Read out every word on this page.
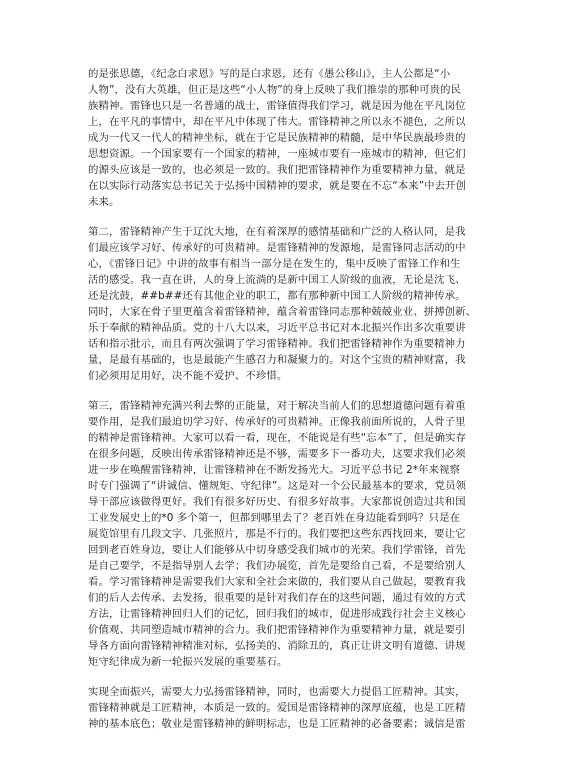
的是张思德，《纪念白求恩》写的是白求恩，还有《愚公移山》，主人公都是“小
人物”，没有大英雄，但正是这些“小人物”的身上反映了我们推崇的那种可贵的民
族精神。雷锋也只是一名普通的战士，雷锋值得我们学习，就是因为他在平凡岗位
上，在平凡的事情中，却在平凡中体现了伟大。雷锋精神之所以永不褪色，之所以
成为一代又一代人的精神坐标，就在于它是民族精神的精髓，是中华民族最珍贵的
思想资源。一个国家要有一个国家的精神，一座城市要有一座城市的精神，但它们
的源头应该是一致的，也必须是一致的。我们把雷锋精神作为重要精神力量，就是
在以实际行动落实总书记关于弘扬中国精神的要求，就是要在不忘“本来”中去开创
未来。
第二，雷锋精神产生于辽沈大地，在有着深厚的感情基础和广泛的人格认同，是我
们最应该学习好、传承好的可贵精神。是雷锋精神的发源地，是雷锋同志活动的中
心，《雷锋日记》中讲的故事有相当一部分是在发生的，集中反映了雷锋工作和生
活的感受。我一直在讲，人的身上流淌的是新中国工人阶级的血液，无论是沈飞、
还是沈鼓，##b##还有其他企业的职工，都有那种新中国工人阶级的精神传承。
同时，大家在骨子里更蕴含着雷锋精神，蕴含着雷锋同志那种兢兢业业、拼搏创新、
乐于奉献的精神品质。党的十八大以来，习近平总书记对本北振兴作出多次重要讲
话和指示批示，而且有两次强调了学习雷锋精神。我们把雷锋精神作为重要精神力
量，是最有基础的，也是最能产生感召力和凝聚力的。对这个宝贵的精神财富，我
们必须用足用好，决不能不爱护、不珍惜。
第三，雷锋精神充满兴利去弊的正能量，对于解决当前人们的思想道德问题有着重
要作用，是我们最迫切学习好、传承好的可贵精神。正像我前面所说的，人骨子里
的精神是雷锋精神。大家可以看一看，现在，不能说是有些“忘本”了，但是确实存
在很多问题，反映出传承雷锋精神还是不够，需要多下一番功夫，这要求我们必须
进一步在唤醒雷锋精神，让雷锋精神在不断发扬光大。习近平总书记 2*年来视察
时专门强调了“讲诚信、懂规矩、守纪律”。这是对一个公民最基本的要求，党员领
导干部应该做得更好。我们有很多好历史、有很多好故事。大家都说创造过共和国
工业发展史上的*0 多个第一，但都到哪里去了？老百姓在身边能看到吗？只是在
展览馆里有几段文字、几张照片，那是不行的。我们要把这些东西找回来，要让它
回到老百姓身边，要让人们能够从中切身感受我们城市的光荣。我们学雷锋，首先
是自己要学，不是指导别人去学；我们办展览，首先是要给自己看，不是要给别人
看。学习雷锋精神是需要我们大家和全社会来做的，我们要从自己做起，要教育我
们的后人去传承、去发扬，很重要的是针对我们存在的这些问题，通过有效的方式
方法，让雷锋精神回归人们的记忆，回归我们的城市，促进形成践行社会主义核心
价值观、共同塑造城市精神的合力。我们把雷锋精神作为重要精神力量，就是要引
导各方面向雷锋精神精准对标，弘扬美的、消除丑的，真正让讲文明有道德、讲规
矩守纪律成为新一轮振兴发展的重要基石。
实现全面振兴，需要大力弘扬雷锋精神，同时，也需要大力提倡工匠精神。其实，
雷锋精神就是工匠精神，本质是一致的。爱国是雷锋精神的深厚底蕴，也是工匠精
神的基本底色；敬业是雷锋精神的鲜明标志，也是工匠精神的必备要素；诚信是雷
